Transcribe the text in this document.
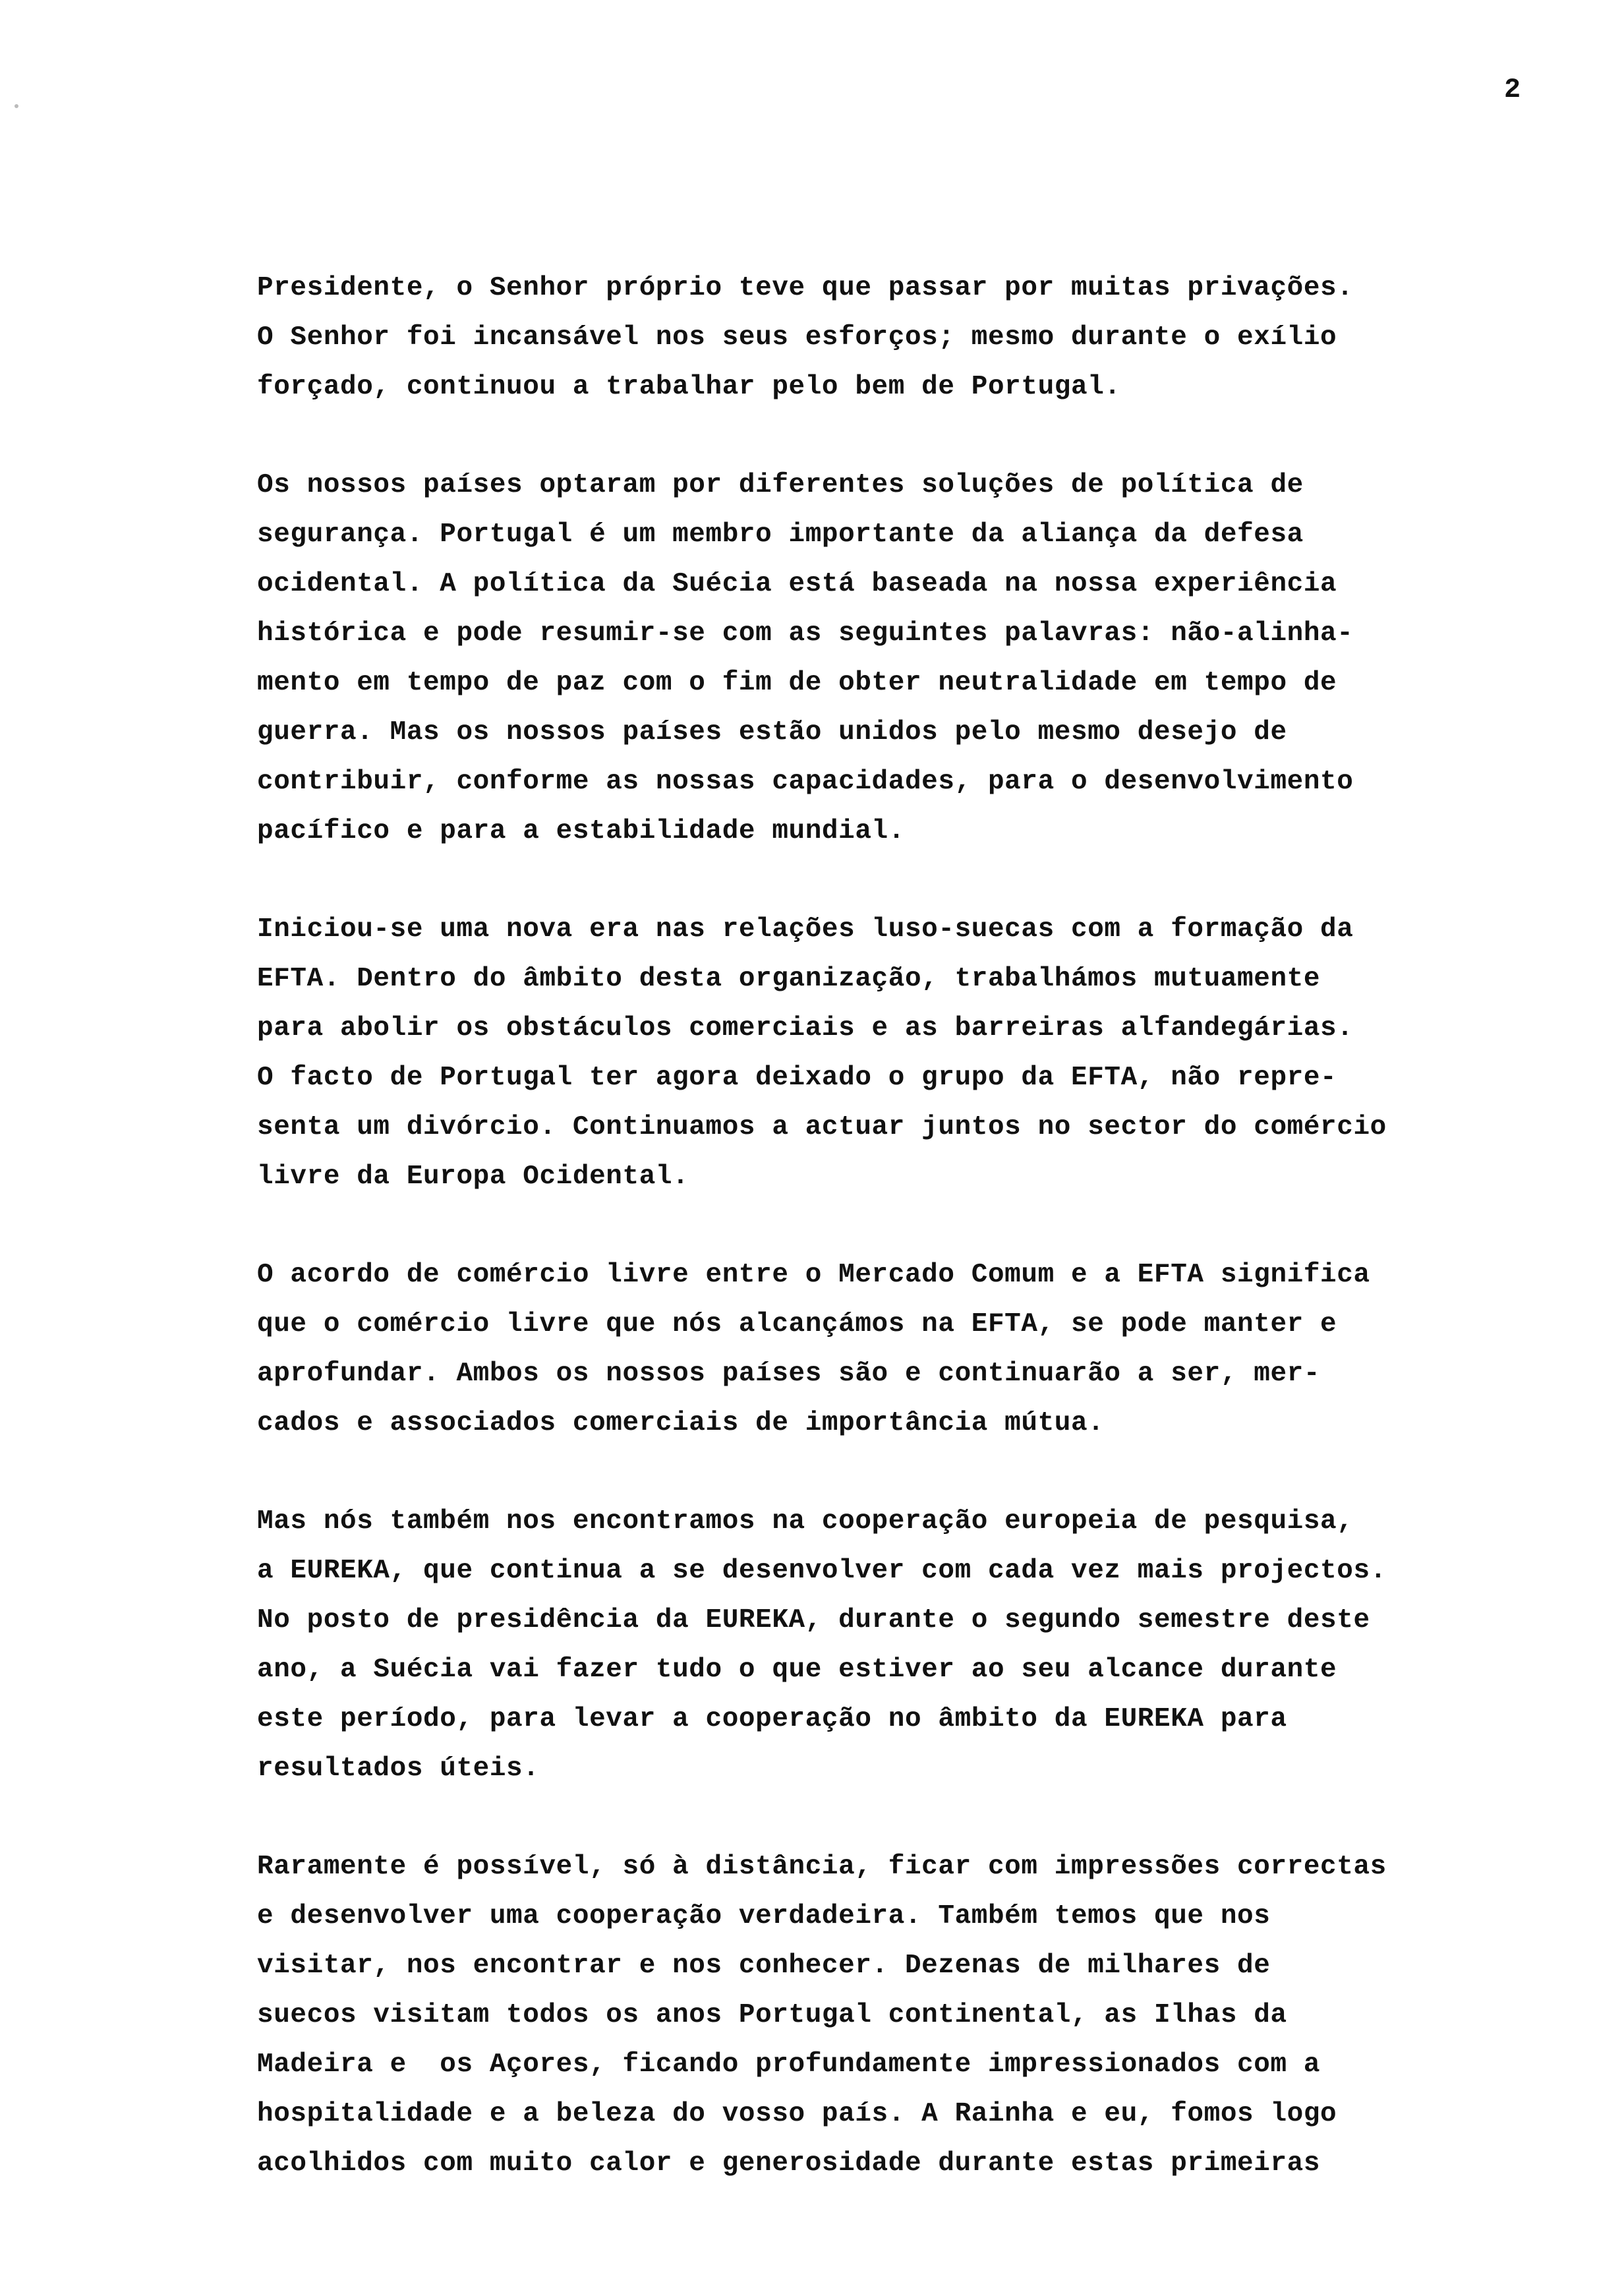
2
Presidente, o Senhor próprio teve que passar por muitas privações.
O Senhor foi incansável nos seus esforços; mesmo durante o exílio
forçado, continuou a trabalhar pelo bem de Portugal.
Os nossos países optaram por diferentes soluções de política de
segurança. Portugal é um membro importante da aliança da defesa
ocidental. A política da Suécia está baseada na nossa experiência
histórica e pode resumir-se com as seguintes palavras: não-alinha-
mento em tempo de paz com o fim de obter neutralidade em tempo de
guerra. Mas os nossos países estão unidos pelo mesmo desejo de
contribuir, conforme as nossas capacidades, para o desenvolvimento
pacífico e para a estabilidade mundial.
Iniciou-se uma nova era nas relações luso-suecas com a formação da
EFTA. Dentro do âmbito desta organização, trabalhámos mutuamente
para abolir os obstáculos comerciais e as barreiras alfandegárias.
O facto de Portugal ter agora deixado o grupo da EFTA, não repre-
senta um divórcio. Continuamos a actuar juntos no sector do comércio
livre da Europa Ocidental.
O acordo de comércio livre entre o Mercado Comum e a EFTA significa
que o comércio livre que nós alcançámos na EFTA, se pode manter e
aprofundar. Ambos os nossos países são e continuarão a ser, mer-
cados e associados comerciais de importância mútua.
Mas nós também nos encontramos na cooperação europeia de pesquisa,
a EUREKA, que continua a se desenvolver com cada vez mais projectos.
No posto de presidência da EUREKA, durante o segundo semestre deste
ano, a Suécia vai fazer tudo o que estiver ao seu alcance durante
este período, para levar a cooperação no âmbito da EUREKA para
resultados úteis.
Raramente é possível, só à distância, ficar com impressões correctas
e desenvolver uma cooperação verdadeira. Também temos que nos
visitar, nos encontrar e nos conhecer. Dezenas de milhares de
suecos visitam todos os anos Portugal continental, as Ilhas da
Madeira e  os Açores, ficando profundamente impressionados com a
hospitalidade e a beleza do vosso país. A Rainha e eu, fomos logo
acolhidos com muito calor e generosidade durante estas primeiras
